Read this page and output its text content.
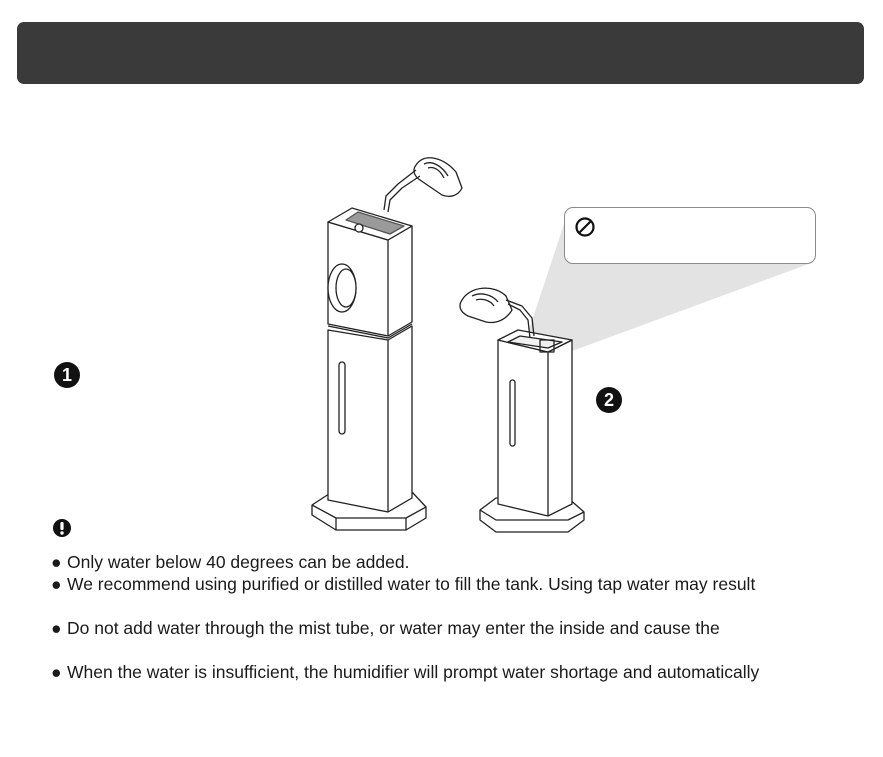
1
2
● Only water below 40 degrees can be added.
● We recommend using purified or distilled water to fill the tank. Using tap water may result
● Do not add water through the mist tube, or water may enter the inside and cause the
● When the water is insufficient, the humidifier will prompt water shortage and automatically
